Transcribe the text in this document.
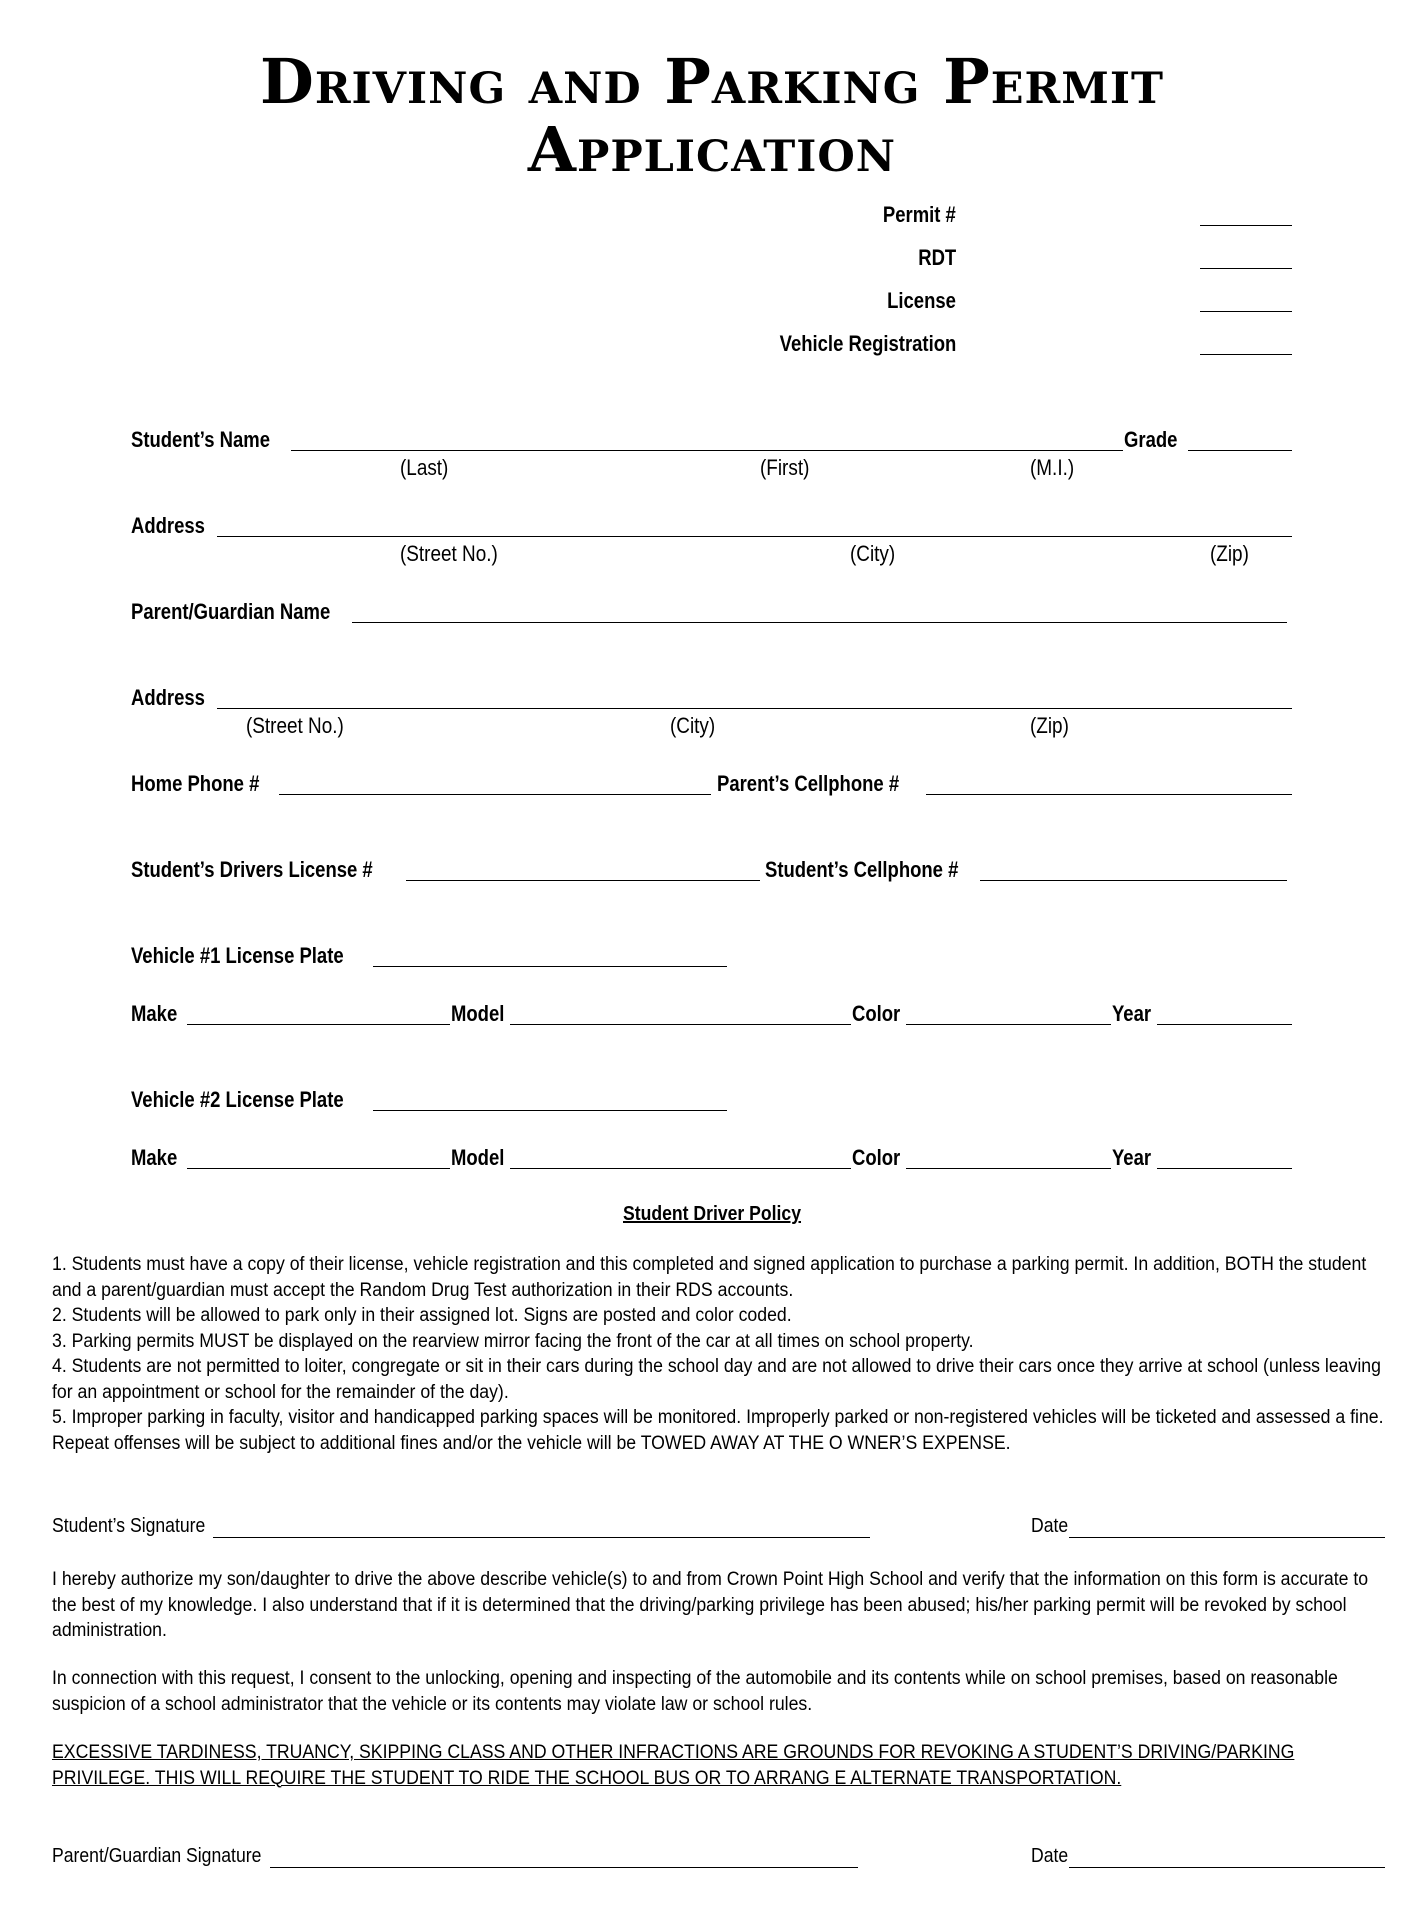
Driving and Parking Permit
Application
Permit #
RDT
License
Vehicle Registration
Student’s Name	Grade
(Last)	(First)	(M.I.)
Address
(Street No.)	(City)	(Zip)
Parent/Guardian Name
Address
(Street No.)	(City)	(Zip)
Home Phone #	Parent’s Cellphone #
Student’s Drivers License #	Student’s Cellphone #
Vehicle #1 License Plate
Make	Model	Color	Year
Vehicle #2 License Plate
Make	Model	Color	Year
Student Driver Policy
1. Students must have a copy of their license, vehicle registration and this completed and signed application to purchase a parking permit. In addition, BOTH the student and a parent/guardian must accept the Random Drug Test authorization in their RDS accounts.
2. Students will be allowed to park only in their assigned lot. Signs are posted and color coded.
3. Parking permits MUST be displayed on the rearview mirror facing the front of the car at all times on school property.
4. Students are not permitted to loiter, congregate or sit in their cars during the school day and are not allowed to drive their cars once they arrive at school (unless leaving for an appointment or school for the remainder of the day).
5. Improper parking in faculty, visitor and handicapped parking spaces will be monitored. Improperly parked or non-registered vehicles will be ticketed and assessed a fine. Repeat offenses will be subject to additional fines and/or the vehicle will be TOWED AWAY AT THE O WNER’S EXPENSE.
Student’s Signature	Date
I hereby authorize my son/daughter to drive the above describe vehicle(s) to and from Crown Point High School and verify that the information on this form is accurate to the best of my knowledge. I also understand that if it is determined that the driving/parking privilege has been abused; his/her parking permit will be revoked by school administration.
In connection with this request, I consent to the unlocking, opening and inspecting of the automobile and its contents while on school premises, based on reasonable suspicion of a school administrator that the vehicle or its contents may violate law or school rules.
EXCESSIVE TARDINESS, TRUANCY, SKIPPING CLASS AND OTHER INFRACTIONS ARE GROUNDS FOR REVOKING A STUDENT’S DRIVING/PARKING PRIVILEGE. THIS WILL REQUIRE THE STUDENT TO RIDE THE SCHOOL BUS OR TO ARRANG E ALTERNATE TRANSPORTATION.
Parent/Guardian Signature	Date
